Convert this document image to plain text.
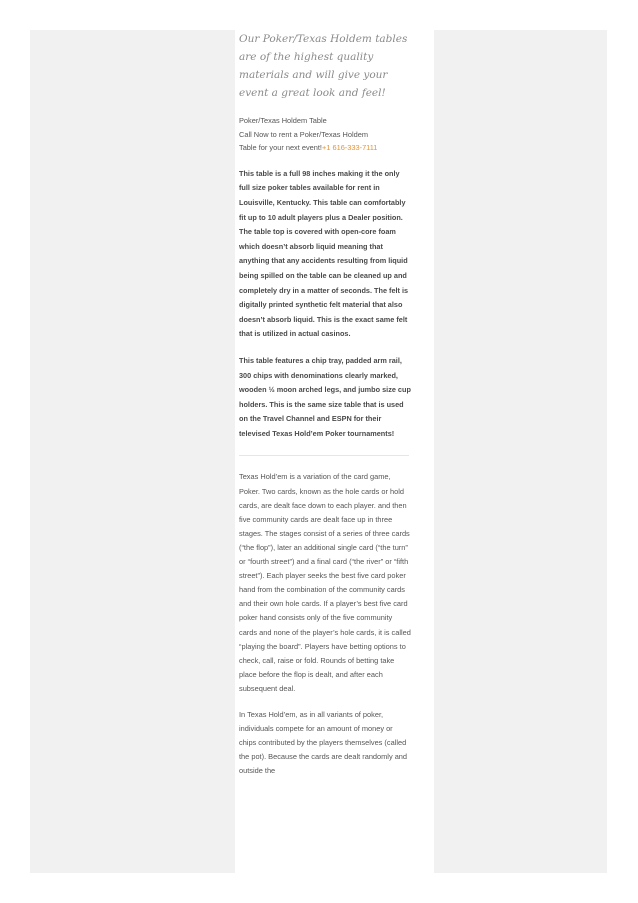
Our Poker/Texas Holdem tables are of the highest quality materials and will give your event a great look and feel!

Poker/Texas Holdem Table
Call Now to rent a Poker/Texas Holdem
Table for your next event!+1 616-333-7111

This table is a full 98 inches making it the only full size poker tables available for rent in Louisville, Kentucky. This table can comfortably fit up to 10 adult players plus a Dealer position. The table top is covered with open-core foam which doesn’t absorb liquid meaning that anything that any accidents resulting from liquid being spilled on the table can be cleaned up and completely dry in a matter of seconds. The felt is digitally printed synthetic felt material that also doesn’t absorb liquid. This is the exact same felt that is utilized in actual casinos.

This table features a chip tray, padded arm rail, 300 chips with denominations clearly marked, wooden ½ moon arched legs, and jumbo size cup holders. This is the same size table that is used on the Travel Channel and ESPN for their televised Texas Hold’em Poker tournaments!

Texas Hold’em is a variation of the card game, Poker. Two cards, known as the hole cards or hold cards, are dealt face down to each player. and then five community cards are dealt face up in three stages. The stages consist of a series of three cards (“the flop”), later an additional single card (“the turn” or “fourth street”) and a final card (“the river” or “fifth street”). Each player seeks the best five card poker hand from the combination of the community cards and their own hole cards. If a player’s best five card poker hand consists only of the five community cards and none of the player’s hole cards, it is called “playing the board”. Players have betting options to check, call, raise or fold. Rounds of betting take place before the flop is dealt, and after each subsequent deal.

In Texas Hold’em, as in all variants of poker, individuals compete for an amount of money or chips contributed by the players themselves (called the pot). Because the cards are dealt randomly and outside the
